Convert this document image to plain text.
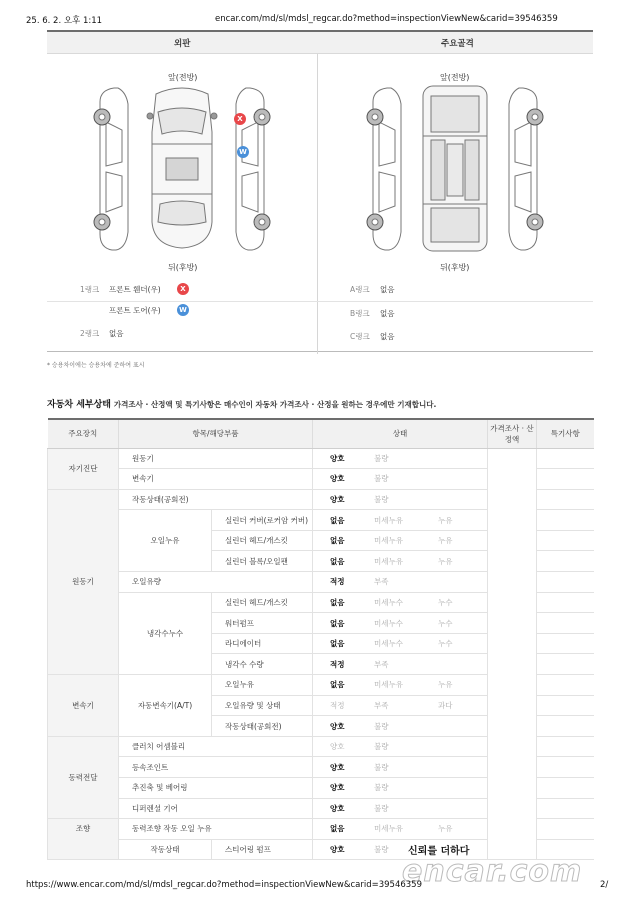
25. 6. 2. 오후 1:11	encar.com/md/sl/mdsl_regcar.do?method=inspectionViewNew&carid=39546359
외판	주요골격
앞(전방)
뒤(후방)
앞(전방)
뒤(후방)
X
W
1랭크 프론트 휀더(우)	X
프론트 도어(우)	W
2랭크 없음
A랭크 없음
B랭크 없음
C랭크 없음
* 승용차이에는 승용차에 준하여 표시
자동차 세부상태 가격조사 · 산정액 및 특기사항은 매수인이 자동차 가격조사 · 산정을 원하는 경우에만 기재합니다.
주요장치	항목/해당부품		상태	가격조사 · 산정액	특기사항
자기진단	원동기		양호 불량		
	변속기		양호 불량		
원동기	작동상태(공회전)		양호 불량		
	오일누유	실린더 커버(로커암 커버)	없음 미세누유 누유		
		실린더 헤드/개스킷	없음 미세누유 누유		
		실린더 블록/오일팬	없음 미세누유 누유		
	오일유량		적정 부족		
	냉각수누수	실린더 헤드/개스킷	없음 미세누수 누수		
		워터펌프	없음 미세누수 누수		
		라디에이터	없음 미세누수 누수		
		냉각수 수량	적정 부족		
변속기	자동변속기(A/T)	오일누유	없음 미세누유 누유		
		오일유량 및 상태	적정 부족 과다		
		작동상태(공회전)	양호 불량		
동력전달	클러치 어셈블리		양호 불량		
	등속조인트		양호 불량		
	추진축 및 베어링		양호 불량		
	디퍼렌셜 기어		양호 불량		
조향	동력조향 작동 오일 누유		없음 미세누유 누유		
	작동상태	스티어링 펌프	양호 불량		신뢰를 더하다
encar.com
https://www.encar.com/md/sl/mdsl_regcar.do?method=inspectionViewNew&carid=39546359	2/
